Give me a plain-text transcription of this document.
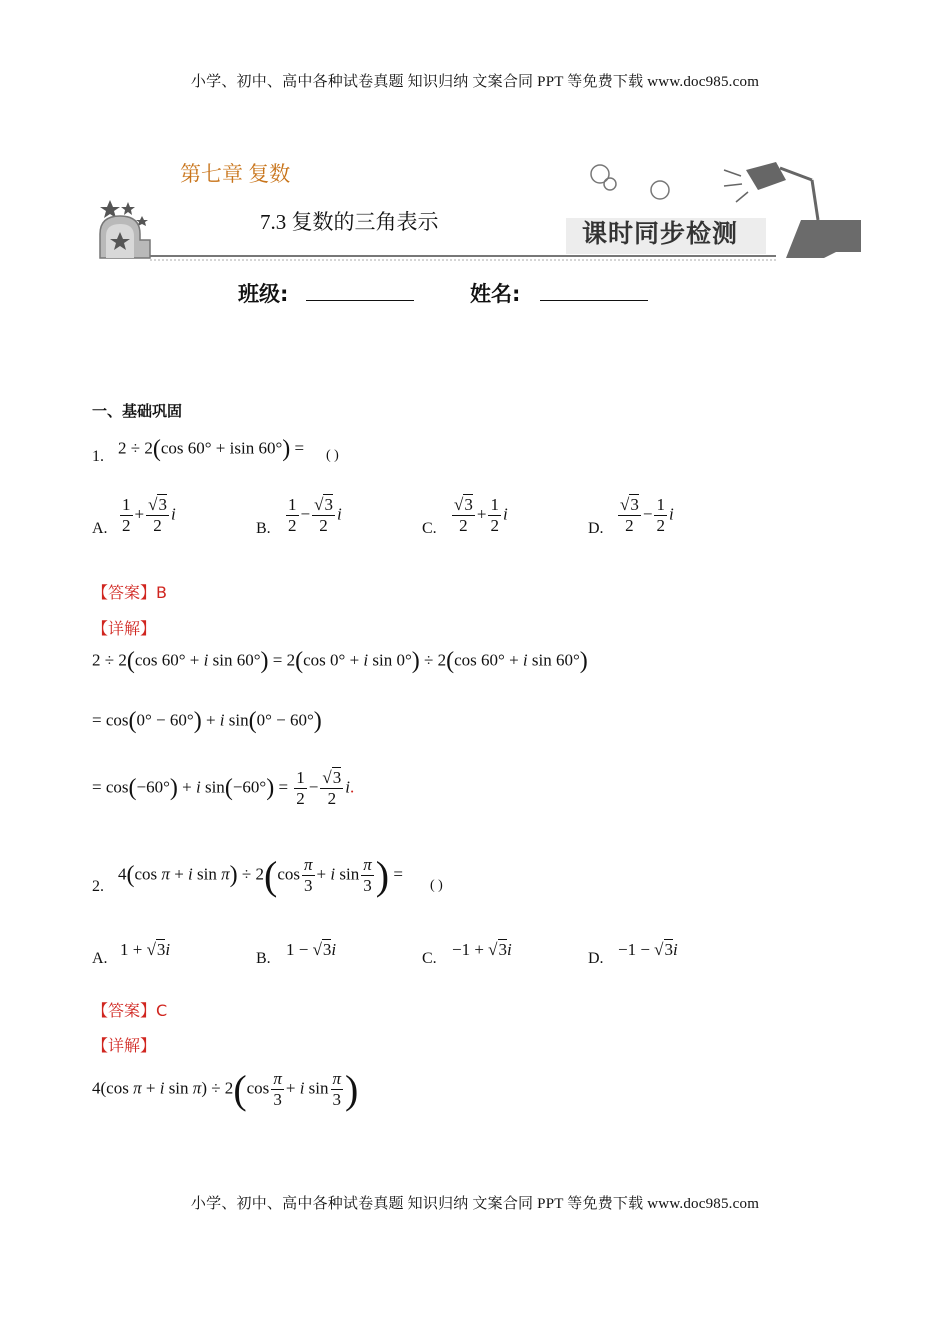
小学、初中、高中各种试卷真题 知识归纳 文案合同 PPT 等免费下载 www.doc985.com
第七章 复数
7.3 复数的三角表示	课时同步检测
班级:	姓名:
一、基础巩固
1. 2 ÷ 2(cos 60° + isin 60°) = ( )
A. $\frac{1}{2} + \frac{√3}{2}$ i
B. $\frac{1}{2} - \frac{√3}{2}$ i
C. $\frac{√3}{2} + \frac{1}{2}$ i
D. $\frac{√3}{2} - \frac{1}{2}$ i
【答案】B
【详解】
2 ÷ 2(cos 60° + i sin 60°) = 2(cos 0° + i sin 0°) ÷ 2(cos 60° + i sin 60°)
= cos(0° − 60°) + i sin(0° − 60°)
= cos(−60°) + i $\sin(-60^\circ) = \frac{1}{2} - \frac{√3}{2} i$.
2.
4(cos π + i $\sin \pi) \div 2(\cos \frac{\pi}{3} + i$ $\sin \frac{\pi}{3}$ ) =
( )
A. 1 + √3i	B. 1 − √3i	C. −1 + √3i	D. −1 − √3i
【答案】C
【详解】
4(cos π + i $\sin \pi) \div 2(\cos \frac{\pi}{3} + i$ $\sin \frac{\pi}{3}$ )
小学、初中、高中各种试卷真题 知识归纳 文案合同 PPT 等免费下载 www.doc985.com
